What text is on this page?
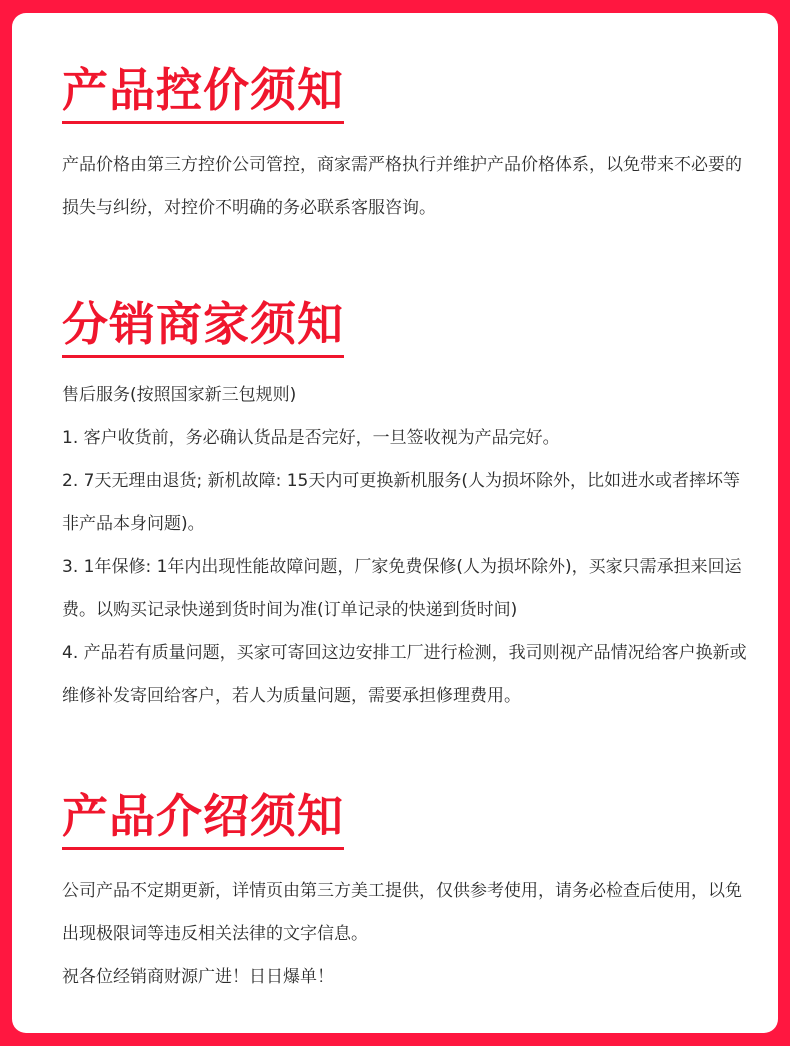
产品控价须知

产品价格由第三方控价公司管控，商家需严格执行并维护产品价格体系，以免带来不必要的损失与纠纷，对控价不明确的务必联系客服咨询。

分销商家须知

售后服务(按照国家新三包规则)

1. 客户收货前，务必确认货品是否完好，一旦签收视为产品完好。

2. 7天无理由退货; 新机故障: 15天内可更换新机服务(人为损坏除外，比如进水或者摔坏等非产品本身问题)。

3. 1年保修: 1年内出现性能故障问题，厂家免费保修(人为损坏除外)，买家只需承担来回运费。以购买记录快递到货时间为准(订单记录的快递到货时间)

4. 产品若有质量问题，买家可寄回这边安排工厂进行检测，我司则视产品情况给客户换新或维修补发寄回给客户，若人为质量问题，需要承担修理费用。

产品介绍须知

公司产品不定期更新，详情页由第三方美工提供，仅供参考使用，请务必检查后使用，以免出现极限词等违反相关法律的文字信息。

祝各位经销商财源广进！日日爆单！
